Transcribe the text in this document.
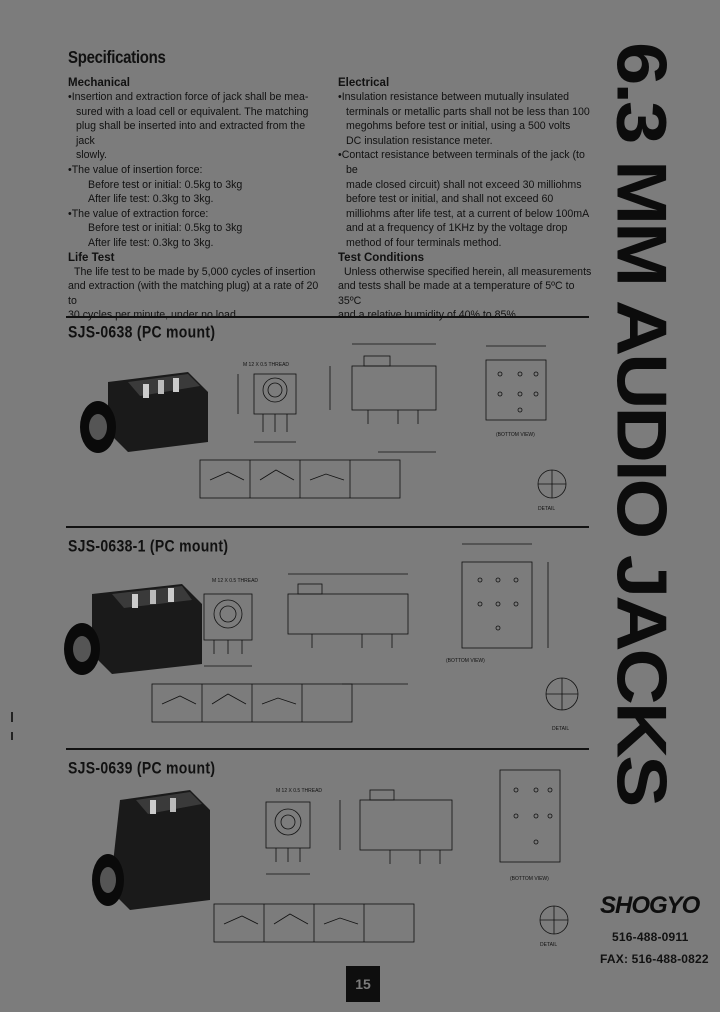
Specifications

Mechanical

•Insertion and extraction force of jack shall be mea-
sured with a load cell or equivalent. The matching
plug shall be inserted into and extracted from the jack
slowly.

•The value of insertion force:

Before test or initial: 0.5kg to 3kg

After life test: 0.3kg to 3kg.

•The value of extraction force:

Before test or initial: 0.5kg to 3kg

After life test: 0.3kg to 3kg.

Life Test

The life test to be made by 5,000 cycles of insertion

and extraction (with the matching plug) at a rate of 20 to

30 cycles per minute, under no load.

Electrical

•Insulation resistance between mutually insulated
terminals or metallic parts shall not be less than 100
megohms before test or initial, using a 500 volts
DC insulation resistance meter.

•Contact resistance between terminals of the jack (to be
made closed circuit) shall not exceed 30 milliohms
before test or initial, and shall not exceed 60
milliohms after life test, at a current of below 100mA
and at a frequency of 1KHz by the voltage drop
method of four terminals method.

Test Conditions

Unless otherwise specified herein, all measurements

and tests shall be made at a temperature of 5ºC to 35ºC

and a relative humidity of 40% to 85%.	6.3 MM AUDIO JACKS
SJS-0638 (PC mount)
M 12 X 0.5 THREAD
(BOTTOM VIEW)
DETAIL
SJS-0638-1 (PC mount)
M 12 X 0.5 THREAD
(BOTTOM VIEW)
DETAIL
SJS-0639 (PC mount)
M 12 X 0.5 THREAD
(BOTTOM VIEW)
DETAIL
SHOGYO
516-488-0911
FAX: 516-488-0822
15
